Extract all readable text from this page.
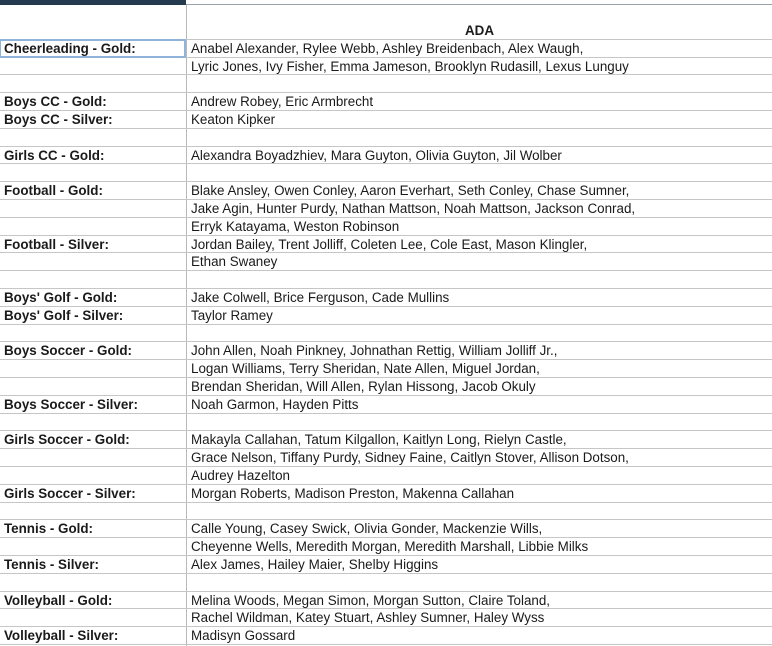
ADA
Cheerleading - Gold:	Anabel Alexander, Rylee Webb, Ashley Breidenbach, Alex Waugh,
Lyric Jones, Ivy Fisher, Emma Jameson, Brooklyn Rudasill, Lexus Lunguy
Boys CC - Gold:	Andrew Robey, Eric Armbrecht
Boys CC - Silver:	Keaton Kipker
Girls CC - Gold:	Alexandra Boyadzhiev, Mara Guyton, Olivia Guyton, Jil Wolber
Football - Gold:	Blake Ansley, Owen Conley, Aaron Everhart, Seth Conley, Chase Sumner,
Jake Agin, Hunter Purdy, Nathan Mattson, Noah Mattson, Jackson Conrad,
Erryk Katayama, Weston Robinson
Football - Silver:	Jordan Bailey, Trent Jolliff, Coleten Lee, Cole East, Mason Klingler,
Ethan Swaney
Boys' Golf - Gold:	Jake Colwell, Brice Ferguson, Cade Mullins
Boys' Golf - Silver:	Taylor Ramey
Boys Soccer - Gold:	John Allen, Noah Pinkney, Johnathan Rettig, William Jolliff Jr.,
Logan Williams, Terry Sheridan, Nate Allen, Miguel Jordan,
Brendan Sheridan, Will Allen, Rylan Hissong, Jacob Okuly
Boys Soccer - Silver:	Noah Garmon, Hayden Pitts
Girls Soccer - Gold:	Makayla Callahan, Tatum Kilgallon, Kaitlyn Long, Rielyn Castle,
Grace Nelson, Tiffany Purdy, Sidney Faine, Caitlyn Stover, Allison Dotson,
Audrey Hazelton
Girls Soccer - Silver:	Morgan Roberts, Madison Preston, Makenna Callahan
Tennis - Gold:	Calle Young, Casey Swick, Olivia Gonder, Mackenzie Wills,
Cheyenne Wells, Meredith Morgan, Meredith Marshall, Libbie Milks
Tennis - Silver:	Alex James, Hailey Maier, Shelby Higgins
Volleyball - Gold:	Melina Woods, Megan Simon, Morgan Sutton, Claire Toland,
Rachel Wildman, Katey Stuart, Ashley Sumner, Haley Wyss
Volleyball - Silver:	Madisyn Gossard
